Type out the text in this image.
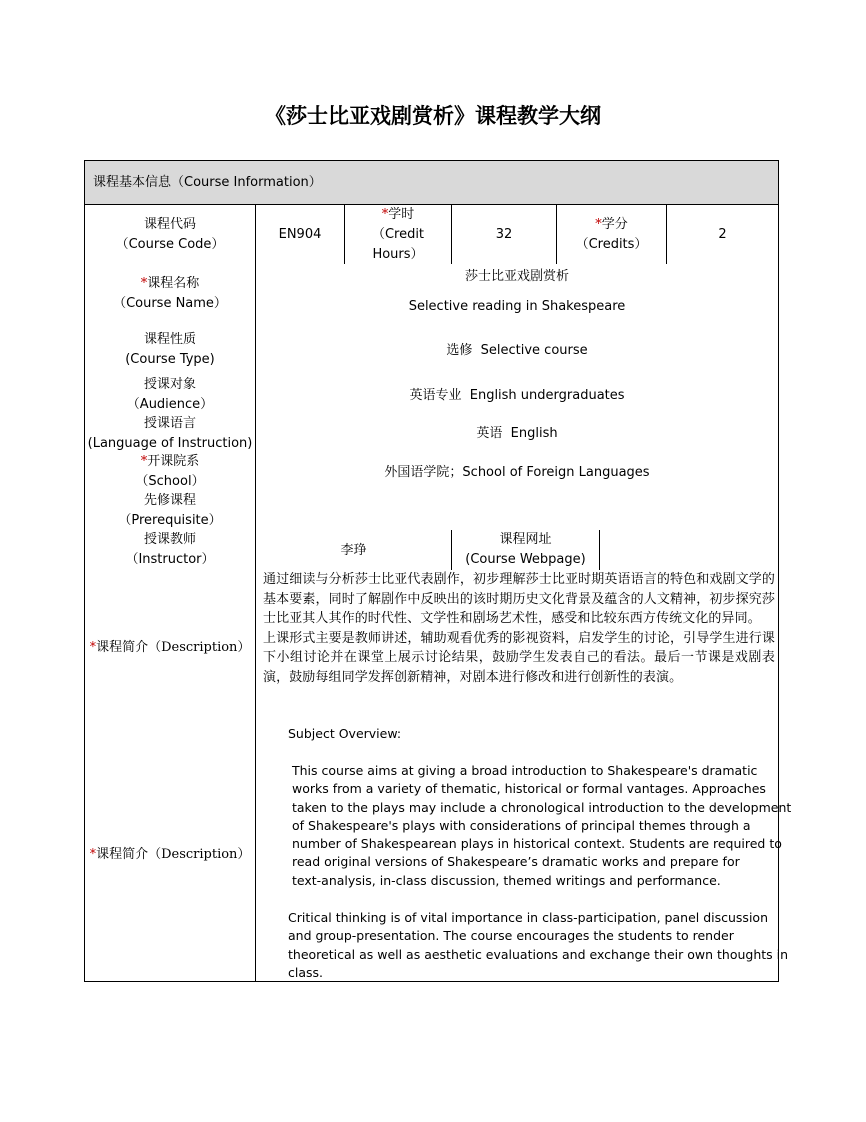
《莎士比亚戏剧赏析》课程教学大纲
课程基本信息（Course Information）
课程代码
（Course Code）
EN904
*学时
（Credit
Hours）
32
*学分
（Credits）
2
*课程名称
（Course Name）
课程性质
(Course Type)
授课对象
（Audience）
授课语言
(Language of Instruction)
*开课院系
（School）
先修课程
（Prerequisite）
授课教师
（Instructor）
莎士比亚戏剧赏析
Selective reading in Shakespeare
选修
Selective course
英语专业
English undergraduates
英语
English
外国语学院； School of Foreign Languages
李琤
课程网址
(Course Webpage)
* 课程简介（Description）
* 课程简介（Description）
通过细读与分析莎士比亚代表剧作，初步理解莎士比亚时期英语语言的特色和戏剧文学的基本要素，同时了解剧作中反映出的该时期历史文化背景及蕴含的人文精神，初步探究莎士比亚其人其作的时代性、文学性和剧场艺术性，感受和比较东西方传统文化的异同。
上课形式主要是教师讲述，辅助观看优秀的影视资料，启发学生的讨论，引导学生进行课下小组讨论并在课堂上展示讨论结果，鼓励学生发表自己的看法。最后一节课是戏剧表演，鼓励每组同学发挥创新精神，对剧本进行修改和进行创新性的表演。
Subject Overview:
This course aims at giving a broad introduction to Shakespeare's dramatic
works from a variety of thematic, historical or formal vantages. Approaches
taken to the plays may include a chronological introduction to the development
of Shakespeare's plays with considerations of principal themes through a
number of Shakespearean plays in historical context. Students are required to
read original versions of Shakespeare’s dramatic works and prepare for
text-analysis, in-class discussion, themed writings and performance.
Critical thinking is of vital importance in class-participation, panel discussion
and group-presentation. The course encourages the students to render
theoretical as well as aesthetic evaluations and exchange their own thoughts in
class.
